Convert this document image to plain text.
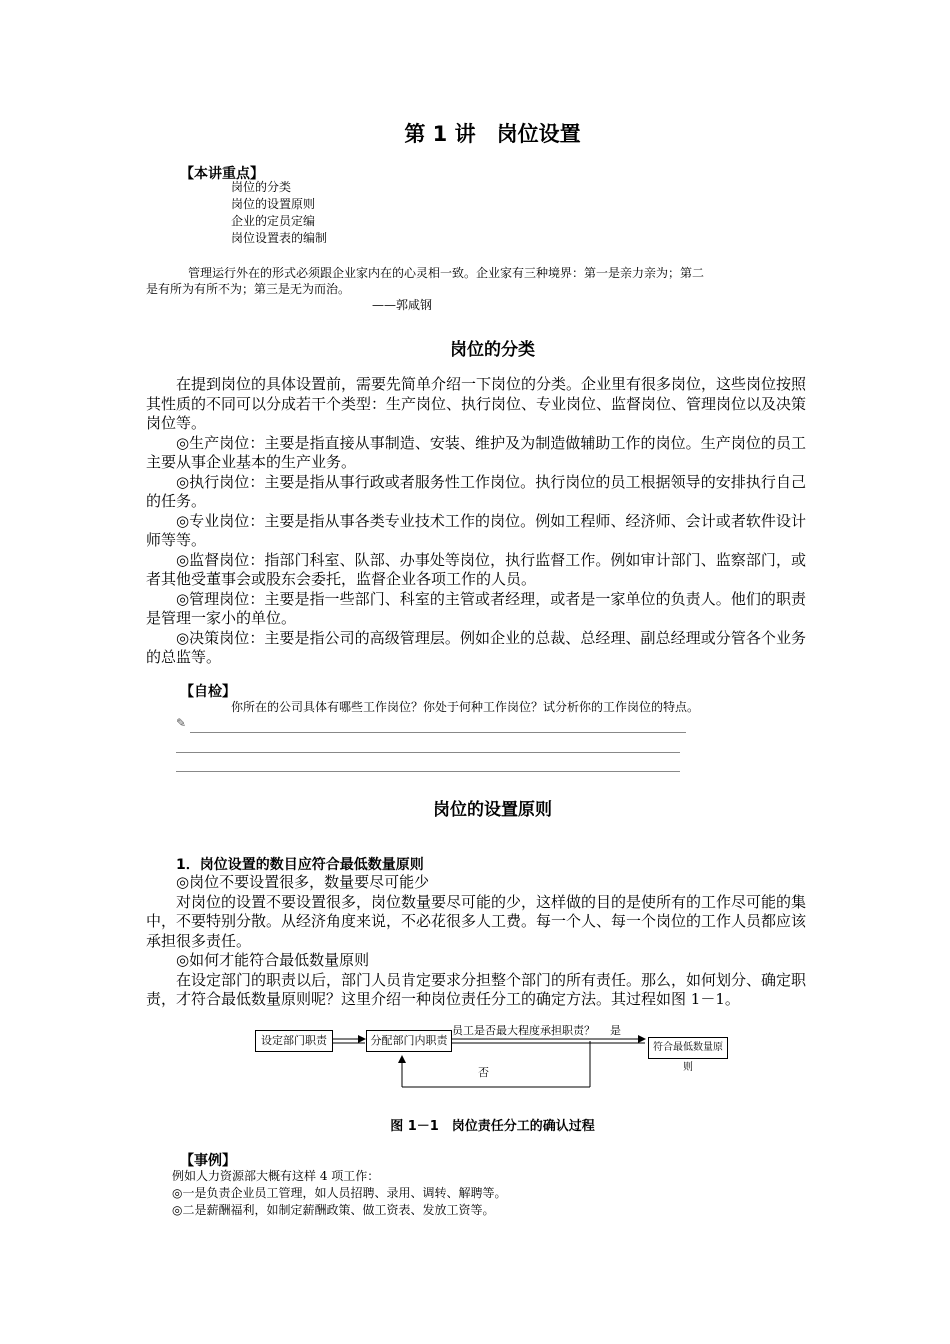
第 1 讲　岗位设置
【本讲重点】
岗位的分类
岗位的设置原则
企业的定员定编
岗位设置表的编制
管理运行外在的形式必须跟企业家内在的心灵相一致。企业家有三种境界：第一是亲力亲为；第二
是有所为有所不为；第三是无为而治。
——郭咸钢
岗位的分类

在提到岗位的具体设置前，需要先简单介绍一下岗位的分类。企业里有很多岗位，这些岗位按照其性质的不同可以分成若干个类型：生产岗位、执行岗位、专业岗位、监督岗位、管理岗位以及决策岗位等。

◎生产岗位：主要是指直接从事制造、安装、维护及为制造做辅助工作的岗位。生产岗位的员工主要从事企业基本的生产业务。

◎执行岗位：主要是指从事行政或者服务性工作岗位。执行岗位的员工根据领导的安排执行自己的任务。

◎专业岗位：主要是指从事各类专业技术工作的岗位。例如工程师、经济师、会计或者软件设计师等等。

◎监督岗位：指部门科室、队部、办事处等岗位，执行监督工作。例如审计部门、监察部门，或者其他受董事会或股东会委托，监督企业各项工作的人员。

◎管理岗位：主要是指一些部门、科室的主管或者经理，或者是一家单位的负责人。他们的职责是管理一家小的单位。

◎决策岗位：主要是指公司的高级管理层。例如企业的总裁、总经理、副总经理或分管各个业务的总监等。

【自检】
你所在的公司具体有哪些工作岗位？你处于何种工作岗位？试分析你的工作岗位的特点。
✎
岗位的设置原则
1．岗位设置的数目应符合最低数量原则

◎岗位不要设置很多，数量要尽可能少

对岗位的设置不要设置很多，岗位数量要尽可能的少，这样做的目的是使所有的工作尽可能的集中，不要特别分散。从经济角度来说，不必花很多人工费。每一个人、每一个岗位的工作人员都应该承担很多责任。

◎如何才能符合最低数量原则

在设定部门的职责以后，部门人员肯定要求分担整个部门的所有责任。那么，如何划分、确定职责，才符合最低数量原则呢？这里介绍一种岗位责任分工的确定方法。其过程如图 1－1。

设定部门职责	分配部门内职责
员工是否最大程度承担职责？ 是
符合最低数量原则
否
图 1－1　岗位责任分工的确认过程
【事例】
例如人力资源部大概有这样 4 项工作：
◎一是负责企业员工管理，如人员招聘、录用、调转、解聘等。
◎二是薪酬福利，如制定薪酬政策、做工资表、发放工资等。
